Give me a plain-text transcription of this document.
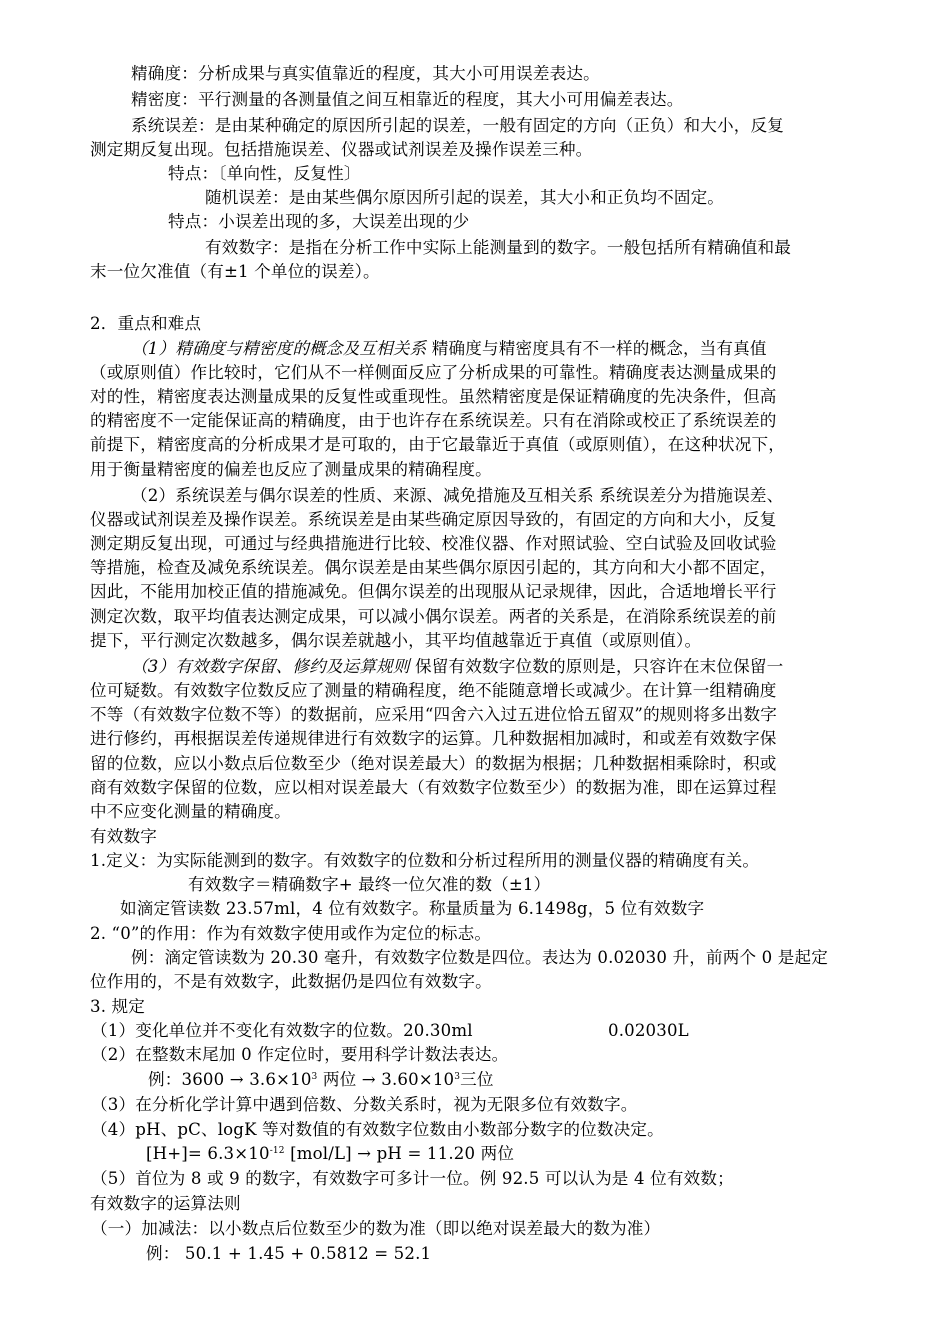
精确度：分析成果与真实值靠近的程度，其大小可用误差表达。
精密度：平行测量的各测量值之间互相靠近的程度，其大小可用偏差表达。
系统误差：是由某种确定的原因所引起的误差，一般有固定的方向（正负）和大小，反复
测定期反复出现。包括措施误差、仪器或试剂误差及操作误差三种。
特点：〔单向性，反复性〕
随机误差：是由某些偶尔原因所引起的误差，其大小和正负均不固定。
特点：小误差出现的多，大误差出现的少
有效数字：是指在分析工作中实际上能测量到的数字。一般包括所有精确值和最
末一位欠准值（有±1 个单位的误差）。
2．重点和难点
（1）精确度与精密度的概念及互相关系 精确度与精密度具有不一样的概念，当有真值
（或原则值）作比较时，它们从不一样侧面反应了分析成果的可靠性。精确度表达测量成果的
对的性，精密度表达测量成果的反复性或重现性。虽然精密度是保证精确度的先决条件，但高
的精密度不一定能保证高的精确度，由于也许存在系统误差。只有在消除或校正了系统误差的
前提下，精密度高的分析成果才是可取的，由于它最靠近于真值（或原则值），在这种状况下，
用于衡量精密度的偏差也反应了测量成果的精确程度。
（2）系统误差与偶尔误差的性质、来源、减免措施及互相关系 系统误差分为措施误差、
仪器或试剂误差及操作误差。系统误差是由某些确定原因导致的，有固定的方向和大小，反复
测定期反复出现，可通过与经典措施进行比较、校准仪器、作对照试验、空白试验及回收试验
等措施，检查及减免系统误差。偶尔误差是由某些偶尔原因引起的，其方向和大小都不固定，
因此，不能用加校正值的措施减免。但偶尔误差的出现服从记录规律，因此，合适地增长平行
测定次数，取平均值表达测定成果，可以减小偶尔误差。两者的关系是，在消除系统误差的前
提下，平行测定次数越多，偶尔误差就越小，其平均值越靠近于真值（或原则值）。
（3）有效数字保留、修约及运算规则 保留有效数字位数的原则是，只容许在末位保留一
位可疑数。有效数字位数反应了测量的精确程度，绝不能随意增长或减少。在计算一组精确度
不等（有效数字位数不等）的数据前，应采用“四舍六入过五进位恰五留双”的规则将多出数字
进行修约，再根据误差传递规律进行有效数字的运算。几种数据相加减时，和或差有效数字保
留的位数，应以小数点后位数至少（绝对误差最大）的数据为根据；几种数据相乘除时，积或
商有效数字保留的位数，应以相对误差最大（有效数字位数至少）的数据为准，即在运算过程
中不应变化测量的精确度。
有效数字
1.定义：为实际能测到的数字。有效数字的位数和分析过程所用的测量仪器的精确度有关。
有效数字＝精确数字+ 最终一位欠准的数（±1）
如滴定管读数 23.57ml，4 位有效数字。称量质量为 6.1498g，5 位有效数字
2. “0”的作用：作为有效数字使用或作为定位的标志。
例：滴定管读数为 20.30 毫升，有效数字位数是四位。表达为 0.02030 升，前两个 0 是起定
位作用的，不是有效数字，此数据仍是四位有效数字。
3. 规定
（1）变化单位并不变化有效数字的位数。20.30ml	0.02030L
（2）在整数末尾加 0 作定位时，要用科学计数法表达。
例：$3600 \to 3.6\times 10^3$ 两位 → $3.60\times 10^3$三位
（3）在分析化学计算中遇到倍数、分数关系时，视为无限多位有效数字。
（4）pH、pC、logK 等对数值的有效数字位数由小数部分数字的位数决定。
$[H+]= 6.3\times 10^{-12}$ [mol/L] → pH = 11.20 两位
（5）首位为 8 或 9 的数字，有效数字可多计一位。例 92.5 可以认为是 4 位有效数；
有效数字的运算法则
（一）加减法：以小数点后位数至少的数为准（即以绝对误差最大的数为准）
例： 50.1 + 1.45 + 0.5812 = 52.1
